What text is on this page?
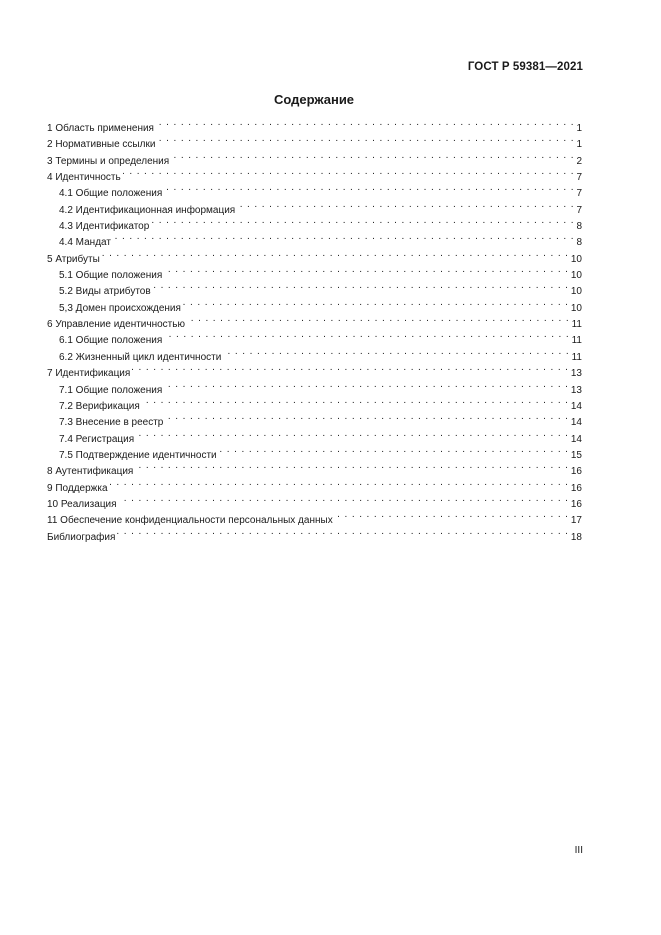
ГОСТ Р 59381—2021
Содержание
1 Область применения . . .	1
2 Нормативные ссылки . . .	1
3 Термины и определения . . .	2
4 Идентичность . . .	7
4.1 Общие положения . . .	7
4.2 Идентификационная информация . . .	7
4.3 Идентификатор . . .	8
4.4 Мандат . . .	8
5 Атрибуты . . .	10
5.1 Общие положения . . .	10
5.2 Виды атрибутов . . .	10
5,3 Домен происхождения . . .	10
6 Управление идентичностью . . .	11
6.1 Общие положения . . .	11
6.2 Жизненный цикл идентичности . . .	11
7 Идентификация . . .	13
7.1 Общие положения . . .	13
7.2 Верификация . . .	14
7.3 Внесение в реестр . . .	14
7.4 Регистрация . . .	14
7.5 Подтверждение идентичности . . .	15
8 Аутентификация . . .	16
9 Поддержка . . .	16
10 Реализация . . .	16
11 Обеспечение конфиденциальности персональных данных . . .	17
Библиография . . .	18
III
